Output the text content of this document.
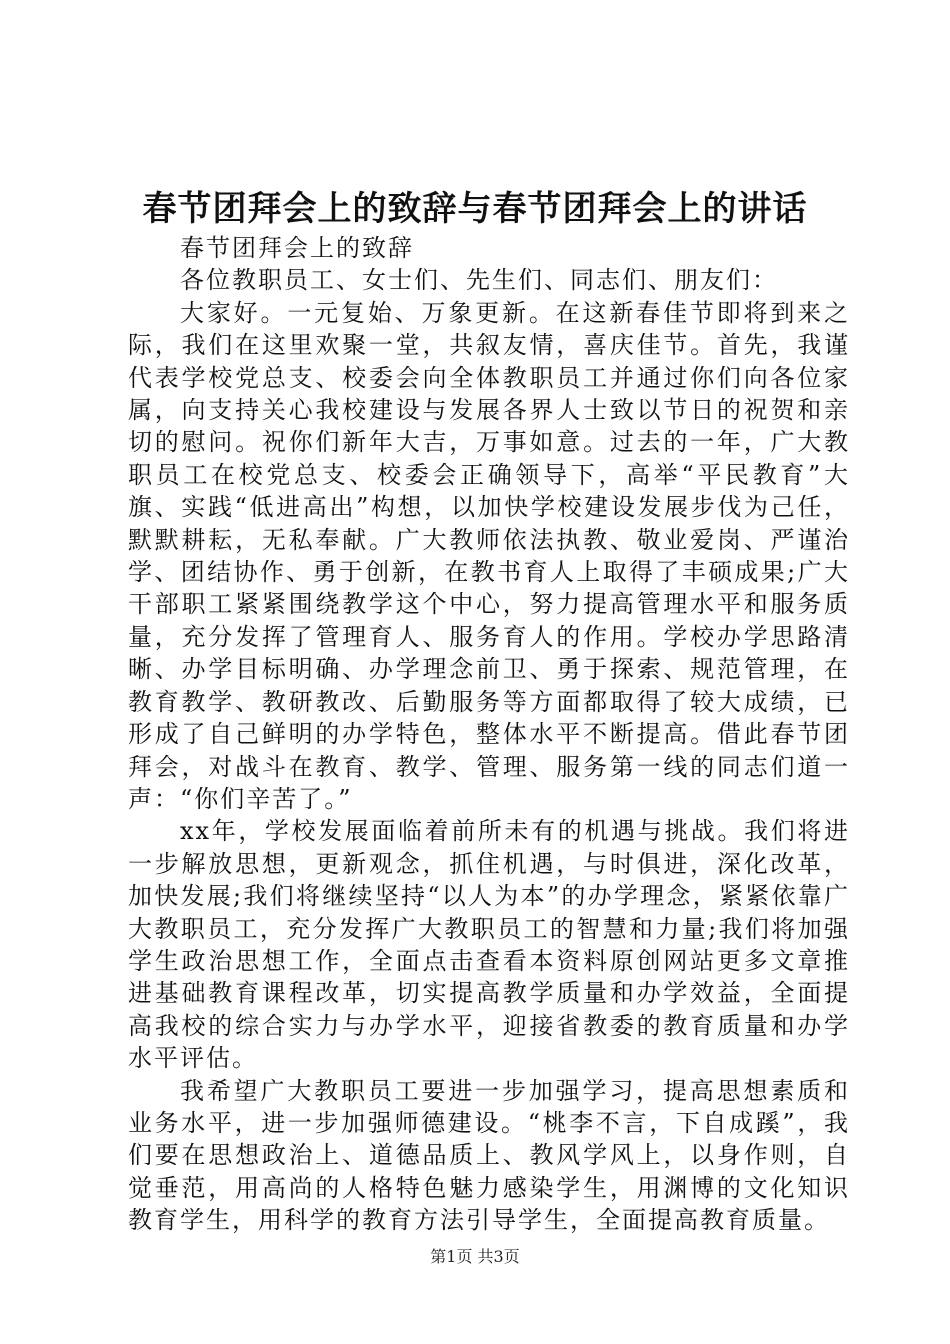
春节团拜会上的致辞与春节团拜会上的讲话

春节团拜会上的致辞

各位教职员工、女士们、先生们、同志们、朋友们：

大家好。一元复始、万象更新。在这新春佳节即将到来之际，我们在这里欢聚一堂，共叙友情，喜庆佳节。首先，我谨代表学校党总支、校委会向全体教职员工并通过你们向各位家属，向支持关心我校建设与发展各界人士致以节日的祝贺和亲切的慰问。祝你们新年大吉，万事如意。过去的一年，广大教职员工在校党总支、校委会正确领导下，高举“平民教育”大旗、实践“低进高出”构想，以加快学校建设发展步伐为己任，默默耕耘，无私奉献。广大教师依法执教、敬业爱岗、严谨治学、团结协作、勇于创新，在教书育人上取得了丰硕成果;广大干部职工紧紧围绕教学这个中心，努力提高管理水平和服务质量，充分发挥了管理育人、服务育人的作用。学校办学思路清晰、办学目标明确、办学理念前卫、勇于探索、规范管理，在教育教学、教研教改、后勤服务等方面都取得了较大成绩，已形成了自己鲜明的办学特色，整体水平不断提高。借此春节团拜会，对战斗在教育、教学、管理、服务第一线的同志们道一声：“你们辛苦了。”

xx年，学校发展面临着前所未有的机遇与挑战。我们将进一步解放思想，更新观念，抓住机遇，与时俱进，深化改革，加快发展;我们将继续坚持“以人为本”的办学理念，紧紧依靠广大教职员工，充分发挥广大教职员工的智慧和力量;我们将加强学生政治思想工作，全面点击查看本资料原创网站更多文章推进基础教育课程改革，切实提高教学质量和办学效益，全面提高我校的综合实力与办学水平，迎接省教委的教育质量和办学水平评估。

我希望广大教职员工要进一步加强学习，提高思想素质和业务水平，进一步加强师德建设。“桃李不言，下自成蹊”，我们要在思想政治上、道德品质上、教风学风上，以身作则，自觉垂范，用高尚的人格特色魅力感染学生，用渊博的文化知识教育学生，用科学的教育方法引导学生，全面提高教育质量。

第1页 共3页
